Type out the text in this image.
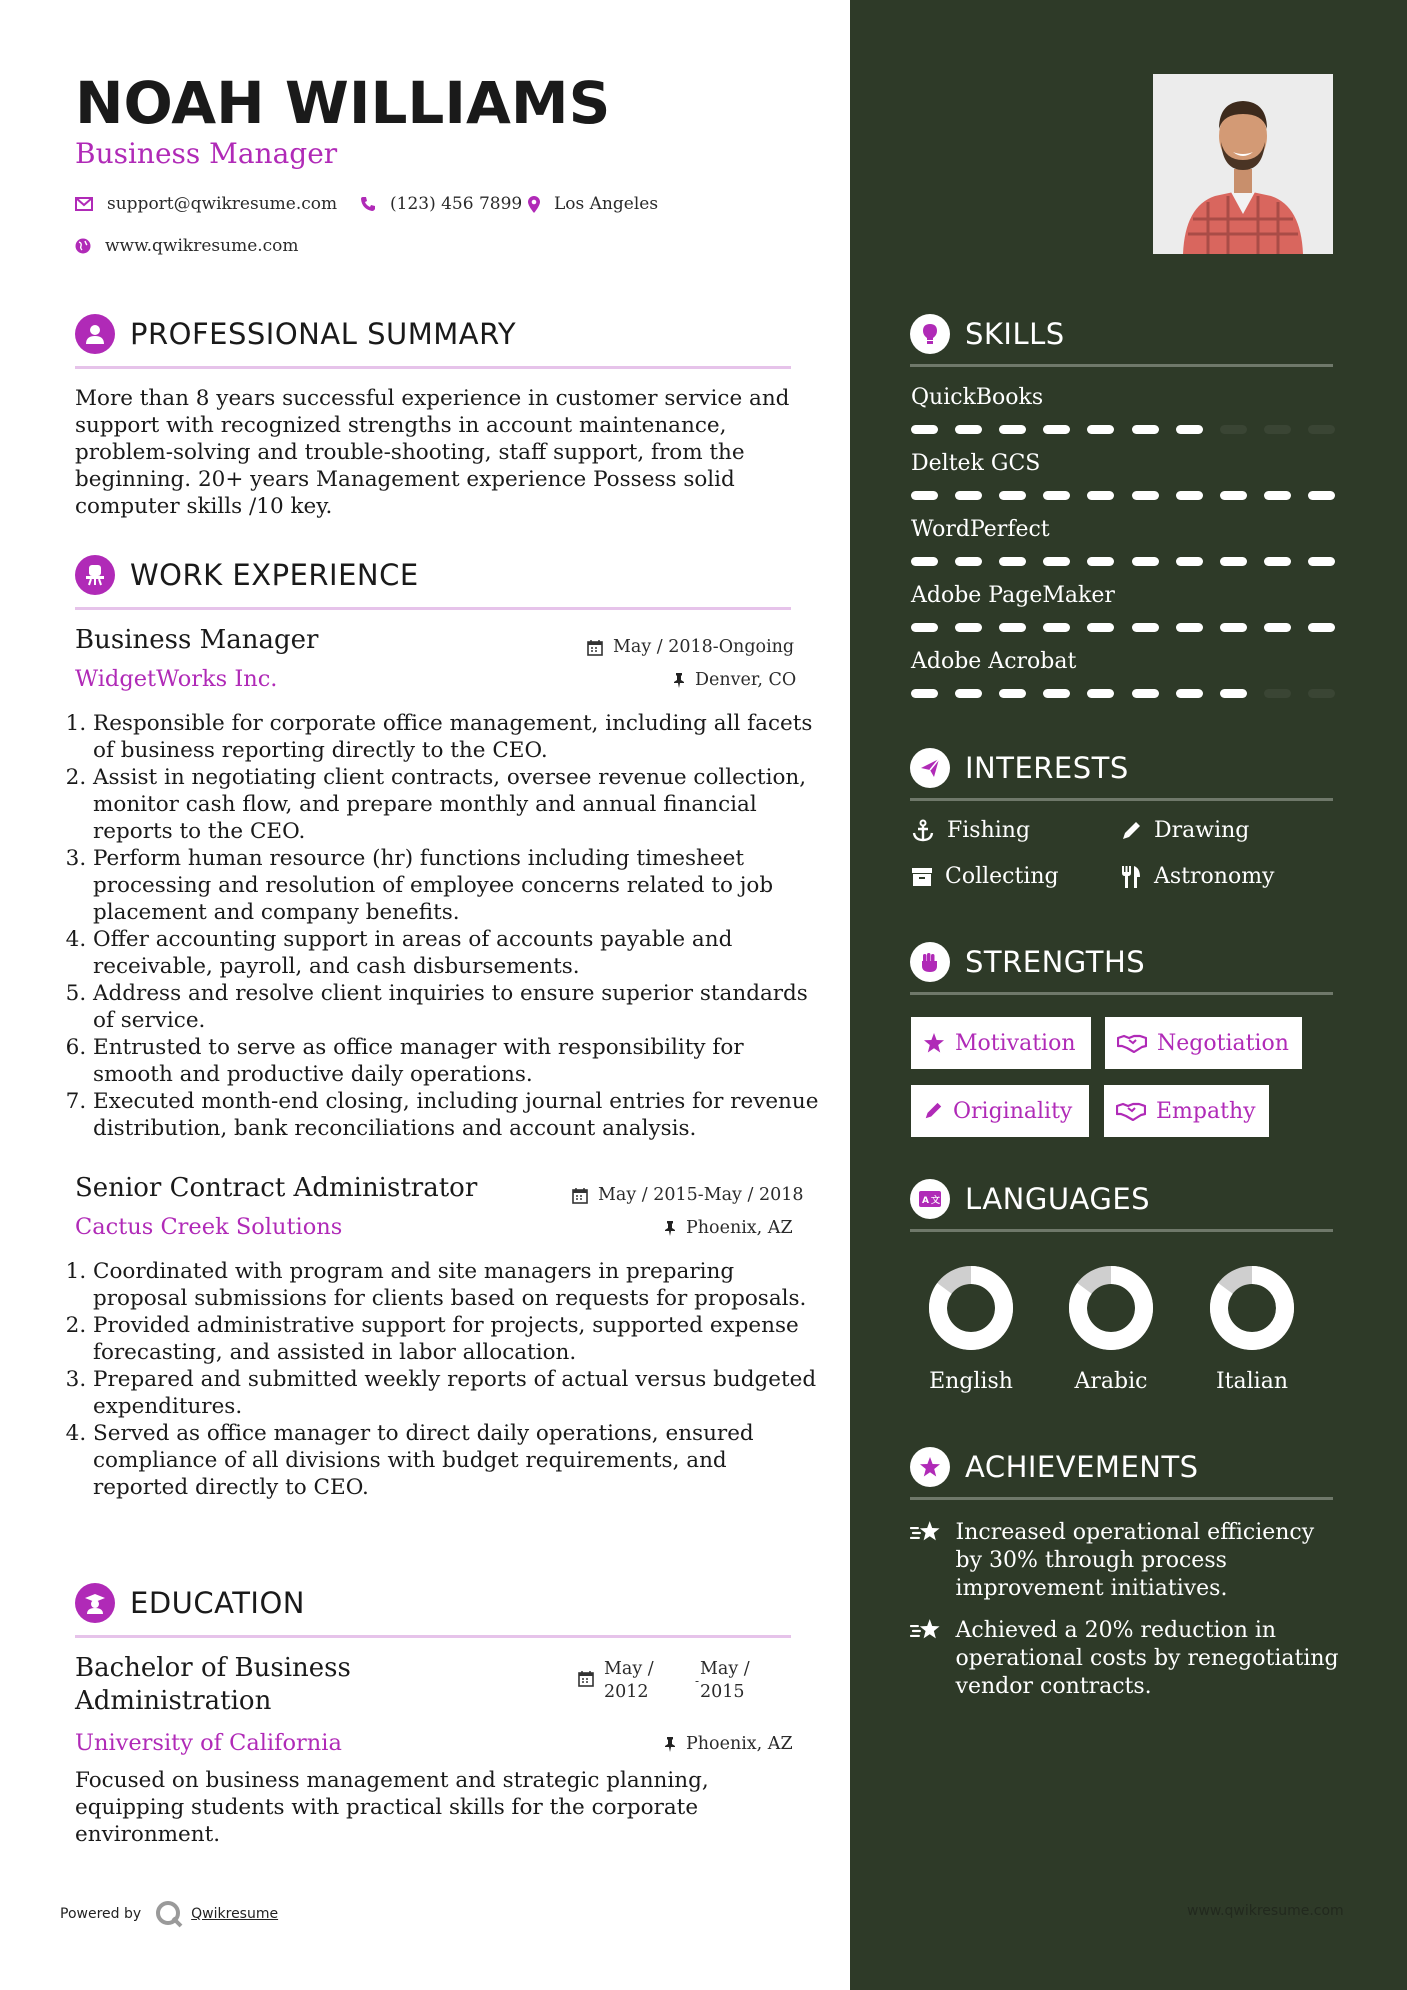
NOAH WILLIAMS
Business Manager
support@qwikresume.com	(123) 456 7899 Los Angeles
www.qwikresume.com
PROFESSIONAL SUMMARY
More than 8 years successful experience in customer service and support with recognized strengths in account maintenance, problem-solving and trouble-shooting, staff support, from the beginning. 20+ years Management experience Possess solid computer skills /10 key.
WORK EXPERIENCE
Business Manager
WidgetWorks Inc.
May / 2018-Ongoing
Denver, CO
1. Responsible for corporate office management, including all facets of business reporting directly to the CEO.
2. Assist in negotiating client contracts, oversee revenue collection, monitor cash flow, and prepare monthly and annual financial reports to the CEO.
3. Perform human resource (hr) functions including timesheet processing and resolution of employee concerns related to job placement and company benefits.
4. Offer accounting support in areas of accounts payable and receivable, payroll, and cash disbursements.
5. Address and resolve client inquiries to ensure superior standards of service.
6. Entrusted to serve as office manager with responsibility for smooth and productive daily operations.
7. Executed month-end closing, including journal entries for revenue distribution, bank reconciliations and account analysis.
Senior Contract Administrator
Cactus Creek Solutions
May / 2015-May / 2018
Phoenix, AZ
1. Coordinated with program and site managers in preparing proposal submissions for clients based on requests for proposals.
2. Provided administrative support for projects, supported expense forecasting, and assisted in labor allocation.
3. Prepared and submitted weekly reports of actual versus budgeted expenditures.
4. Served as office manager to direct daily operations, ensured compliance of all divisions with budget requirements, and reported directly to CEO.
EDUCATION
Bachelor of Business
Administration
University of California
May /
2012
-
May /
2015
Phoenix, AZ
Focused on business management and strategic planning, equipping students with practical skills for the corporate environment.
Powered by	Qwikresume
SKILLS
QuickBooks
Deltek GCS
WordPerfect
Adobe PageMaker
Adobe Acrobat
INTERESTS
Fishing	Drawing
Collecting	Astronomy
STRENGTHS
Motivation	Negotiation
Originality	Empathy
A 文 LANGUAGES
English	Arabic	Italian
ACHIEVEMENTS
Increased operational efficiency by 30% through process improvement initiatives.
Achieved a 20% reduction in operational costs by renegotiating vendor contracts.
www.qwikresume.com
